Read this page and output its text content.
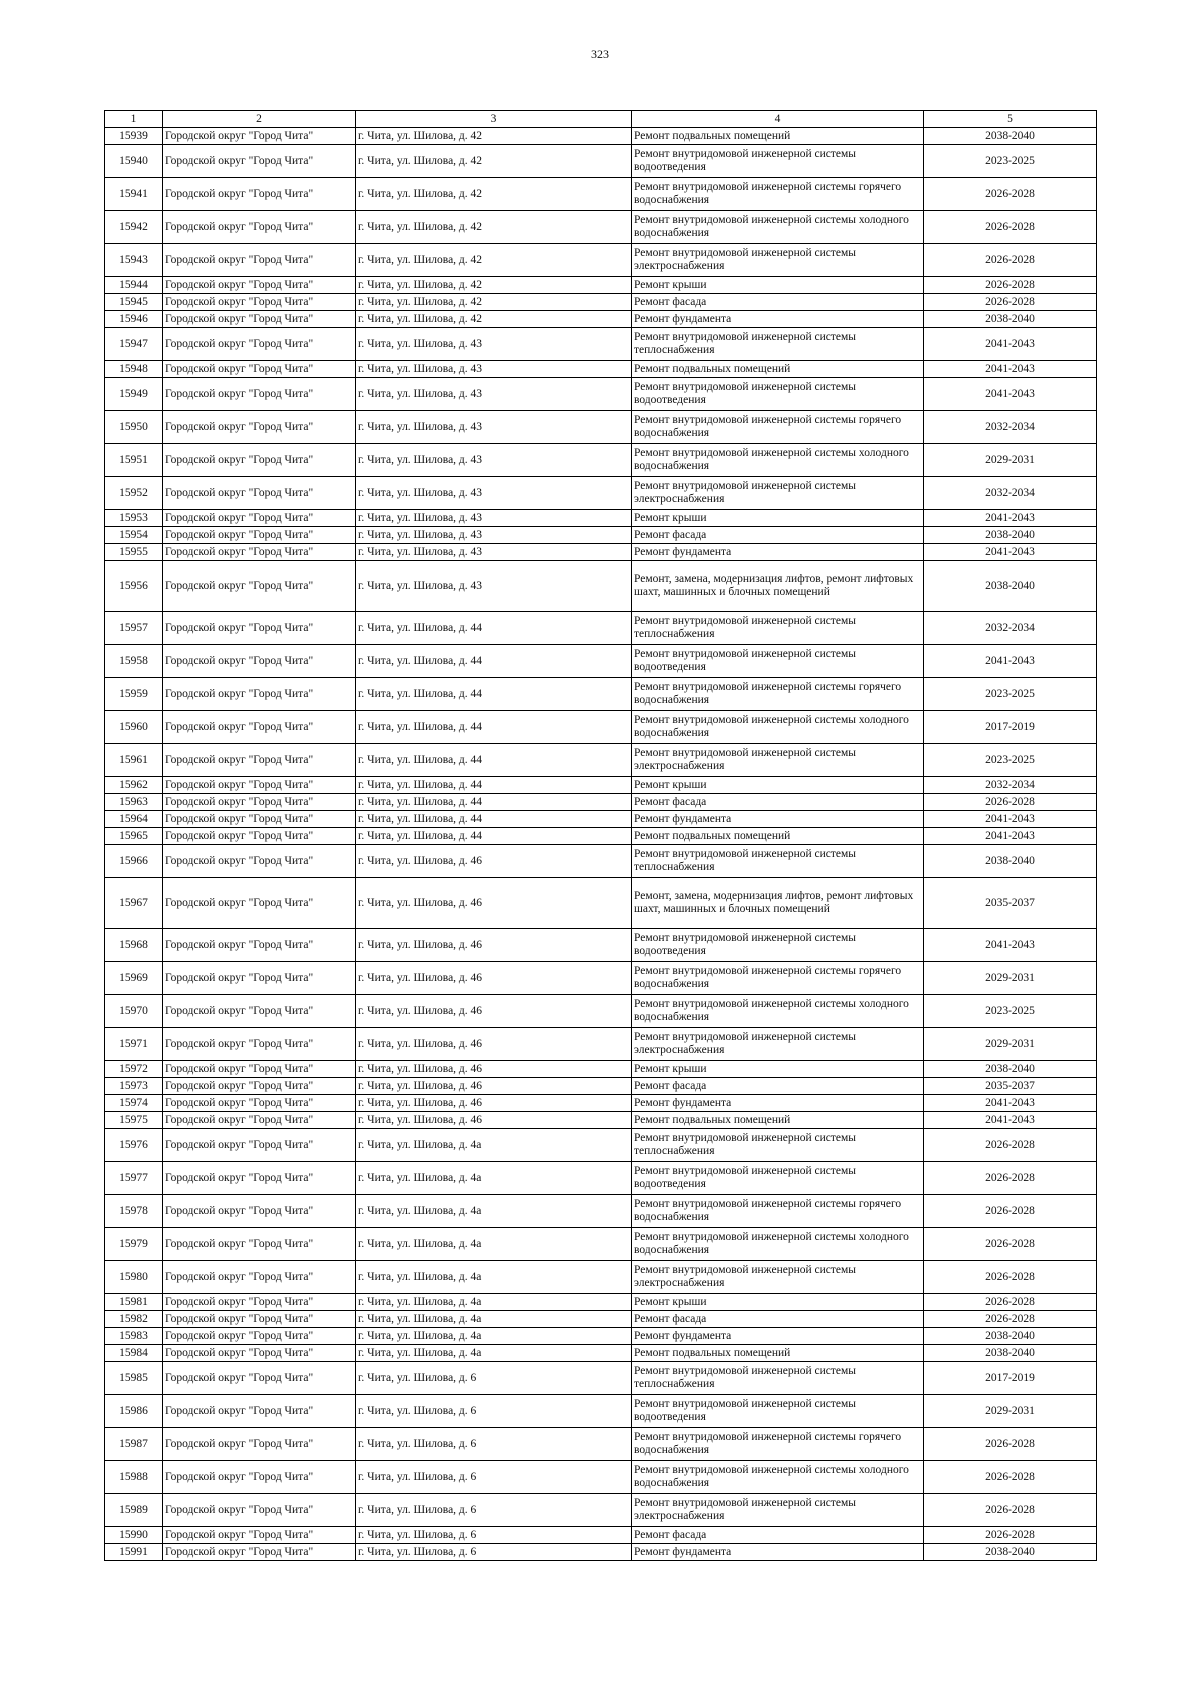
323
1	2	3	4	5
15939	Городской округ "Город Чита"	г. Чита, ул. Шилова, д. 42	Ремонт подвальных помещений	2038-2040
15940	Городской округ "Город Чита"	г. Чита, ул. Шилова, д. 42	Ремонт внутридомовой инженерной системы водоотведения	2023-2025
15941	Городской округ "Город Чита"	г. Чита, ул. Шилова, д. 42	Ремонт внутридомовой инженерной системы горячего водоснабжения	2026-2028
15942	Городской округ "Город Чита"	г. Чита, ул. Шилова, д. 42	Ремонт внутридомовой инженерной системы холодного водоснабжения	2026-2028
15943	Городской округ "Город Чита"	г. Чита, ул. Шилова, д. 42	Ремонт внутридомовой инженерной системы электроснабжения	2026-2028
15944	Городской округ "Город Чита"	г. Чита, ул. Шилова, д. 42	Ремонт крыши	2026-2028
15945	Городской округ "Город Чита"	г. Чита, ул. Шилова, д. 42	Ремонт фасада	2026-2028
15946	Городской округ "Город Чита"	г. Чита, ул. Шилова, д. 42	Ремонт фундамента	2038-2040
15947	Городской округ "Город Чита"	г. Чита, ул. Шилова, д. 43	Ремонт внутридомовой инженерной системы теплоснабжения	2041-2043
15948	Городской округ "Город Чита"	г. Чита, ул. Шилова, д. 43	Ремонт подвальных помещений	2041-2043
15949	Городской округ "Город Чита"	г. Чита, ул. Шилова, д. 43	Ремонт внутридомовой инженерной системы водоотведения	2041-2043
15950	Городской округ "Город Чита"	г. Чита, ул. Шилова, д. 43	Ремонт внутридомовой инженерной системы горячего водоснабжения	2032-2034
15951	Городской округ "Город Чита"	г. Чита, ул. Шилова, д. 43	Ремонт внутридомовой инженерной системы холодного водоснабжения	2029-2031
15952	Городской округ "Город Чита"	г. Чита, ул. Шилова, д. 43	Ремонт внутридомовой инженерной системы электроснабжения	2032-2034
15953	Городской округ "Город Чита"	г. Чита, ул. Шилова, д. 43	Ремонт крыши	2041-2043
15954	Городской округ "Город Чита"	г. Чита, ул. Шилова, д. 43	Ремонт фасада	2038-2040
15955	Городской округ "Город Чита"	г. Чита, ул. Шилова, д. 43	Ремонт фундамента	2041-2043
15956	Городской округ "Город Чита"	г. Чита, ул. Шилова, д. 43	Ремонт, замена, модернизация лифтов, ремонт лифтовых шахт, машинных и блочных помещений	2038-2040
15957	Городской округ "Город Чита"	г. Чита, ул. Шилова, д. 44	Ремонт внутридомовой инженерной системы теплоснабжения	2032-2034
15958	Городской округ "Город Чита"	г. Чита, ул. Шилова, д. 44	Ремонт внутридомовой инженерной системы водоотведения	2041-2043
15959	Городской округ "Город Чита"	г. Чита, ул. Шилова, д. 44	Ремонт внутридомовой инженерной системы горячего водоснабжения	2023-2025
15960	Городской округ "Город Чита"	г. Чита, ул. Шилова, д. 44	Ремонт внутридомовой инженерной системы холодного водоснабжения	2017-2019
15961	Городской округ "Город Чита"	г. Чита, ул. Шилова, д. 44	Ремонт внутридомовой инженерной системы электроснабжения	2023-2025
15962	Городской округ "Город Чита"	г. Чита, ул. Шилова, д. 44	Ремонт крыши	2032-2034
15963	Городской округ "Город Чита"	г. Чита, ул. Шилова, д. 44	Ремонт фасада	2026-2028
15964	Городской округ "Город Чита"	г. Чита, ул. Шилова, д. 44	Ремонт фундамента	2041-2043
15965	Городской округ "Город Чита"	г. Чита, ул. Шилова, д. 44	Ремонт подвальных помещений	2041-2043
15966	Городской округ "Город Чита"	г. Чита, ул. Шилова, д. 46	Ремонт внутридомовой инженерной системы теплоснабжения	2038-2040
15967	Городской округ "Город Чита"	г. Чита, ул. Шилова, д. 46	Ремонт, замена, модернизация лифтов, ремонт лифтовых шахт, машинных и блочных помещений	2035-2037
15968	Городской округ "Город Чита"	г. Чита, ул. Шилова, д. 46	Ремонт внутридомовой инженерной системы водоотведения	2041-2043
15969	Городской округ "Город Чита"	г. Чита, ул. Шилова, д. 46	Ремонт внутридомовой инженерной системы горячего водоснабжения	2029-2031
15970	Городской округ "Город Чита"	г. Чита, ул. Шилова, д. 46	Ремонт внутридомовой инженерной системы холодного водоснабжения	2023-2025
15971	Городской округ "Город Чита"	г. Чита, ул. Шилова, д. 46	Ремонт внутридомовой инженерной системы электроснабжения	2029-2031
15972	Городской округ "Город Чита"	г. Чита, ул. Шилова, д. 46	Ремонт крыши	2038-2040
15973	Городской округ "Город Чита"	г. Чита, ул. Шилова, д. 46	Ремонт фасада	2035-2037
15974	Городской округ "Город Чита"	г. Чита, ул. Шилова, д. 46	Ремонт фундамента	2041-2043
15975	Городской округ "Город Чита"	г. Чита, ул. Шилова, д. 46	Ремонт подвальных помещений	2041-2043
15976	Городской округ "Город Чита"	г. Чита, ул. Шилова, д. 4а	Ремонт внутридомовой инженерной системы теплоснабжения	2026-2028
15977	Городской округ "Город Чита"	г. Чита, ул. Шилова, д. 4а	Ремонт внутридомовой инженерной системы водоотведения	2026-2028
15978	Городской округ "Город Чита"	г. Чита, ул. Шилова, д. 4а	Ремонт внутридомовой инженерной системы горячего водоснабжения	2026-2028
15979	Городской округ "Город Чита"	г. Чита, ул. Шилова, д. 4а	Ремонт внутридомовой инженерной системы холодного водоснабжения	2026-2028
15980	Городской округ "Город Чита"	г. Чита, ул. Шилова, д. 4а	Ремонт внутридомовой инженерной системы электроснабжения	2026-2028
15981	Городской округ "Город Чита"	г. Чита, ул. Шилова, д. 4а	Ремонт крыши	2026-2028
15982	Городской округ "Город Чита"	г. Чита, ул. Шилова, д. 4а	Ремонт фасада	2026-2028
15983	Городской округ "Город Чита"	г. Чита, ул. Шилова, д. 4а	Ремонт фундамента	2038-2040
15984	Городской округ "Город Чита"	г. Чита, ул. Шилова, д. 4а	Ремонт подвальных помещений	2038-2040
15985	Городской округ "Город Чита"	г. Чита, ул. Шилова, д. 6	Ремонт внутридомовой инженерной системы теплоснабжения	2017-2019
15986	Городской округ "Город Чита"	г. Чита, ул. Шилова, д. 6	Ремонт внутридомовой инженерной системы водоотведения	2029-2031
15987	Городской округ "Город Чита"	г. Чита, ул. Шилова, д. 6	Ремонт внутридомовой инженерной системы горячего водоснабжения	2026-2028
15988	Городской округ "Город Чита"	г. Чита, ул. Шилова, д. 6	Ремонт внутридомовой инженерной системы холодного водоснабжения	2026-2028
15989	Городской округ "Город Чита"	г. Чита, ул. Шилова, д. 6	Ремонт внутридомовой инженерной системы электроснабжения	2026-2028
15990	Городской округ "Город Чита"	г. Чита, ул. Шилова, д. 6	Ремонт фасада	2026-2028
15991	Городской округ "Город Чита"	г. Чита, ул. Шилова, д. 6	Ремонт фундамента	2038-2040
